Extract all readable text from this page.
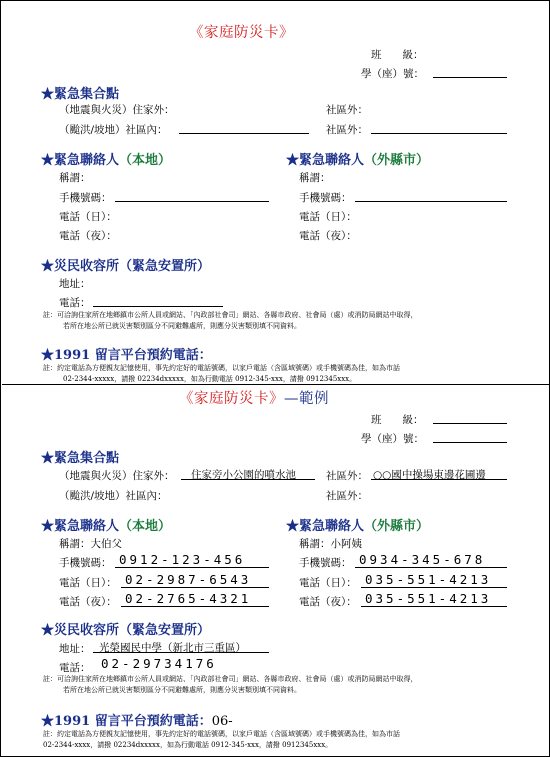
《家庭防災卡》
班　　級：
學（座）號：
★緊急集合點
（地震與火災）住家外：	社區外：
（颱洪/坡地）社區內：	社區外：
★緊急聯絡人（本地）
稱謂：
手機號碼：
電話（日）：
電話（夜）：
★緊急聯絡人（外縣市）
稱謂：
手機號碼：
電話（日）：
電話（夜）：
★災民收容所（緊急安置所）
地址：
電話：
註：可洽詢住家所在地鄉鎮市公所人員或網站、「內政部社會司」網站、各縣市政府、社會局（處）或消防局網站中取得，
若所在地公所已就災害類別區分不同避難處所，則應分災害類別填不同資料。
★1991 留言平台預約電話：
註：約定電話為方便親友記憶使用，事先約定好的電話號碼，以家戶電話（含區域號碼）或手機號碼為佳，如為市話
02-2344-xxxxx，請撥 02234dxxxxx，如為行動電話 0912-345-xxx，請撥 0912345xxx。
《家庭防災卡》—範例
班　　級：
學（座）號：
★緊急集合點
（地震與火災）住家外： 住家旁小公園的噴水池	社區外： ○○國中操場東邊花圃邊
（颱洪/坡地）社區內：	社區外：
★緊急聯絡人（本地）
稱謂：大伯父
手機號碼： 0912-123-456
電話（日）： 02-2987-6543
電話（夜）： 02-2765-4321
★緊急聯絡人（外縣市）
稱謂：小阿姨
手機號碼： 0934-345-678
電話（日）： 035-551-4213
電話（夜）： 035-551-4213
★災民收容所（緊急安置所）
地址： 光榮國民中學（新北市三重區）
電話： 02-29734176
註：可洽詢住家所在地鄉鎮市公所人員或網站、「內政部社會司」網站、各縣市政府、社會局（處）或消防局網站中取得，
若所在地公所已就災害類別區分不同避難處所，則應分災害類別填不同資料。
★1991 留言平台預約電話：06-
註：約定電話為方便親友記憶使用，事先約定好的電話號碼，以家戶電話（含區域號碼）或手機號碼為佳，如為市話
02-2344-xxxx，請撥 02234dxxxxx，如為行動電話 0912-345-xxx，請撥 0912345xxx。
